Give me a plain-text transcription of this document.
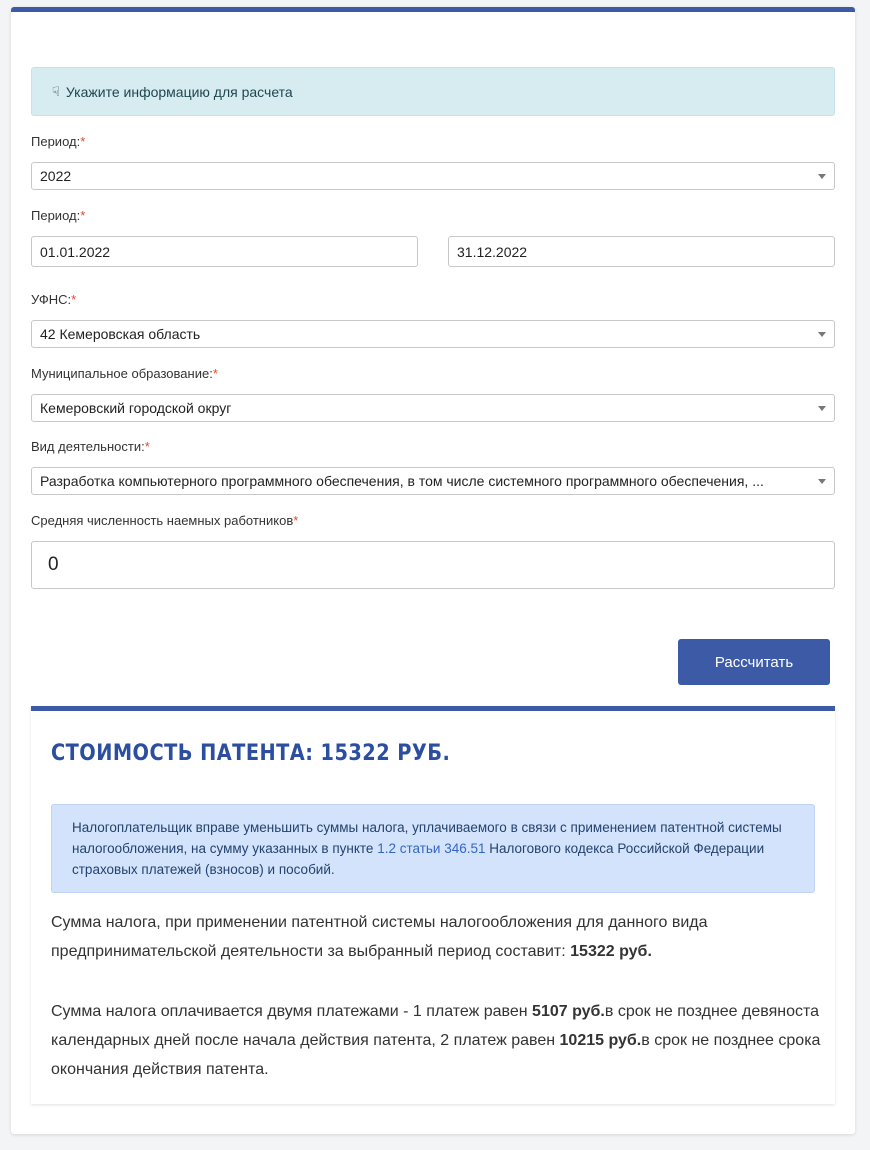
☟ Укажите информацию для расчета
Период:*
2022
Период:*
01.01.2022	31.12.2022
УФНС:*
42 Кемеровская область
Муниципальное образование:*
Кемеровский городской округ
Вид деятельности:*
Разработка компьютерного программного обеспечения, в том числе системного программного обеспечения, ...
Средняя численность наемных работников*
0
Рассчитать
СТОИМОСТЬ ПАТЕНТА: 15322 РУБ.
Налогоплательщик вправе уменьшить суммы налога, уплачиваемого в связи с применением патентной системы налогообложения, на сумму указанных в пункте 1.2 статьи 346.51 Налогового кодекса Российской Федерации страховых платежей (взносов) и пособий.
Сумма налога, при применении патентной системы налогообложения для данного вида предпринимательской деятельности за выбранный период составит: 15322 руб.
Сумма налога оплачивается двумя платежами - 1 платеж равен 5107 руб.в срок не позднее девяноста календарных дней после начала действия патента, 2 платеж равен 10215 руб.в срок не позднее срока окончания действия патента.
